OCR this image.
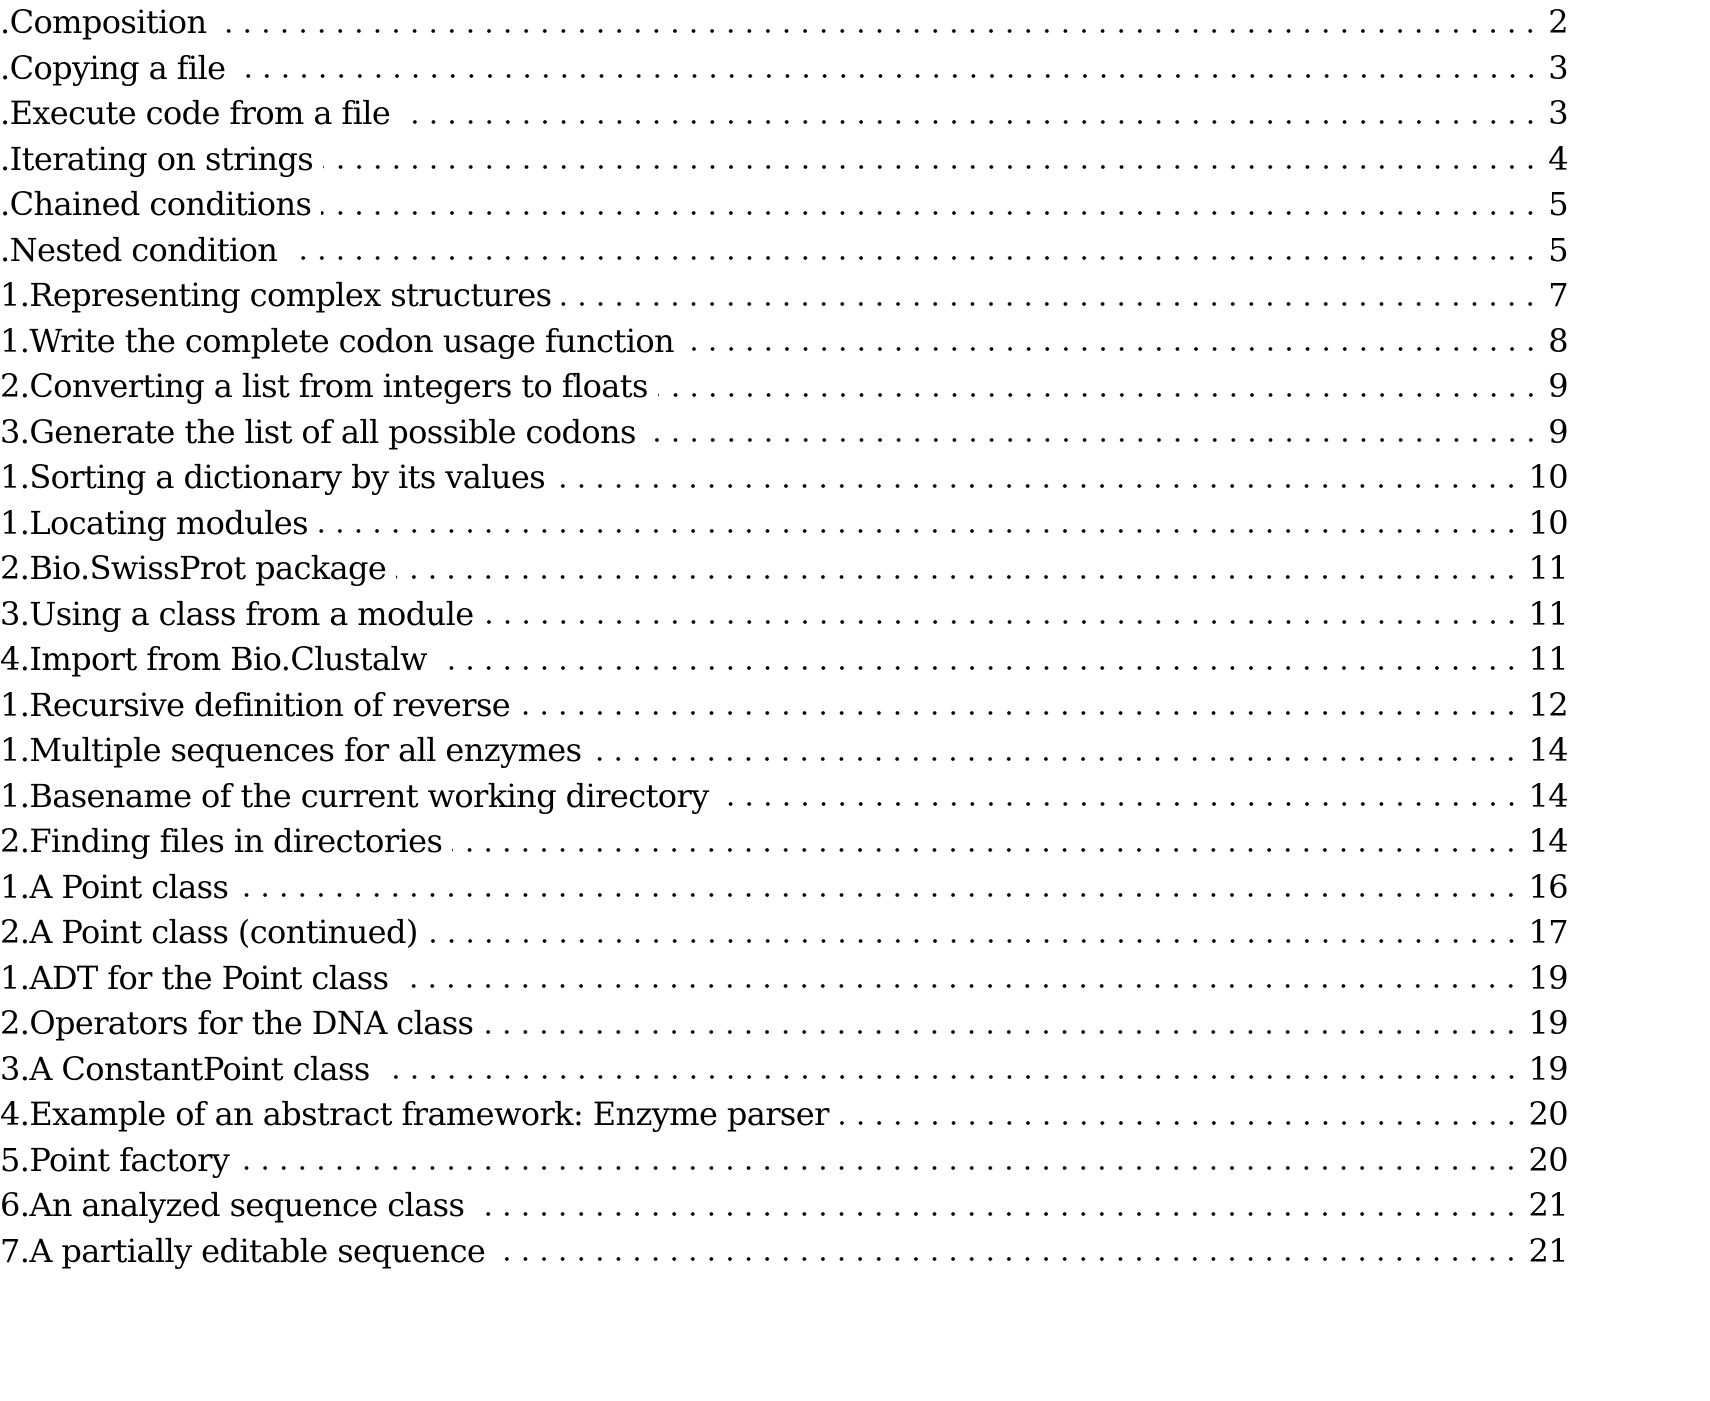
. Composition	2
. Copying a file	3
. Execute code from a file	3
. Iterating on strings	4
. Chained conditions	5
. Nested condition	5
1. Representing complex structures	7
1. Write the complete codon usage function	8
2. Converting a list from integers to floats	9
3. Generate the list of all possible codons	9
1. Sorting a dictionary by its values	10
1. Locating modules	10
2. Bio.SwissProt package	11
3. Using a class from a module	11
4. Import from Bio.Clustalw	11
1. Recursive definition of reverse	12
1. Multiple sequences for all enzymes	14
1. Basename of the current working directory	14
2. Finding files in directories	14
1. A Point class	16
2. A Point class (continued)	17
1. ADT for the Point class	19
2. Operators for the DNA class	19
3. A ConstantPoint class	19
4. Example of an abstract framework: Enzyme parser	20
5. Point factory	20
6. An analyzed sequence class	21
7. A partially editable sequence	21
